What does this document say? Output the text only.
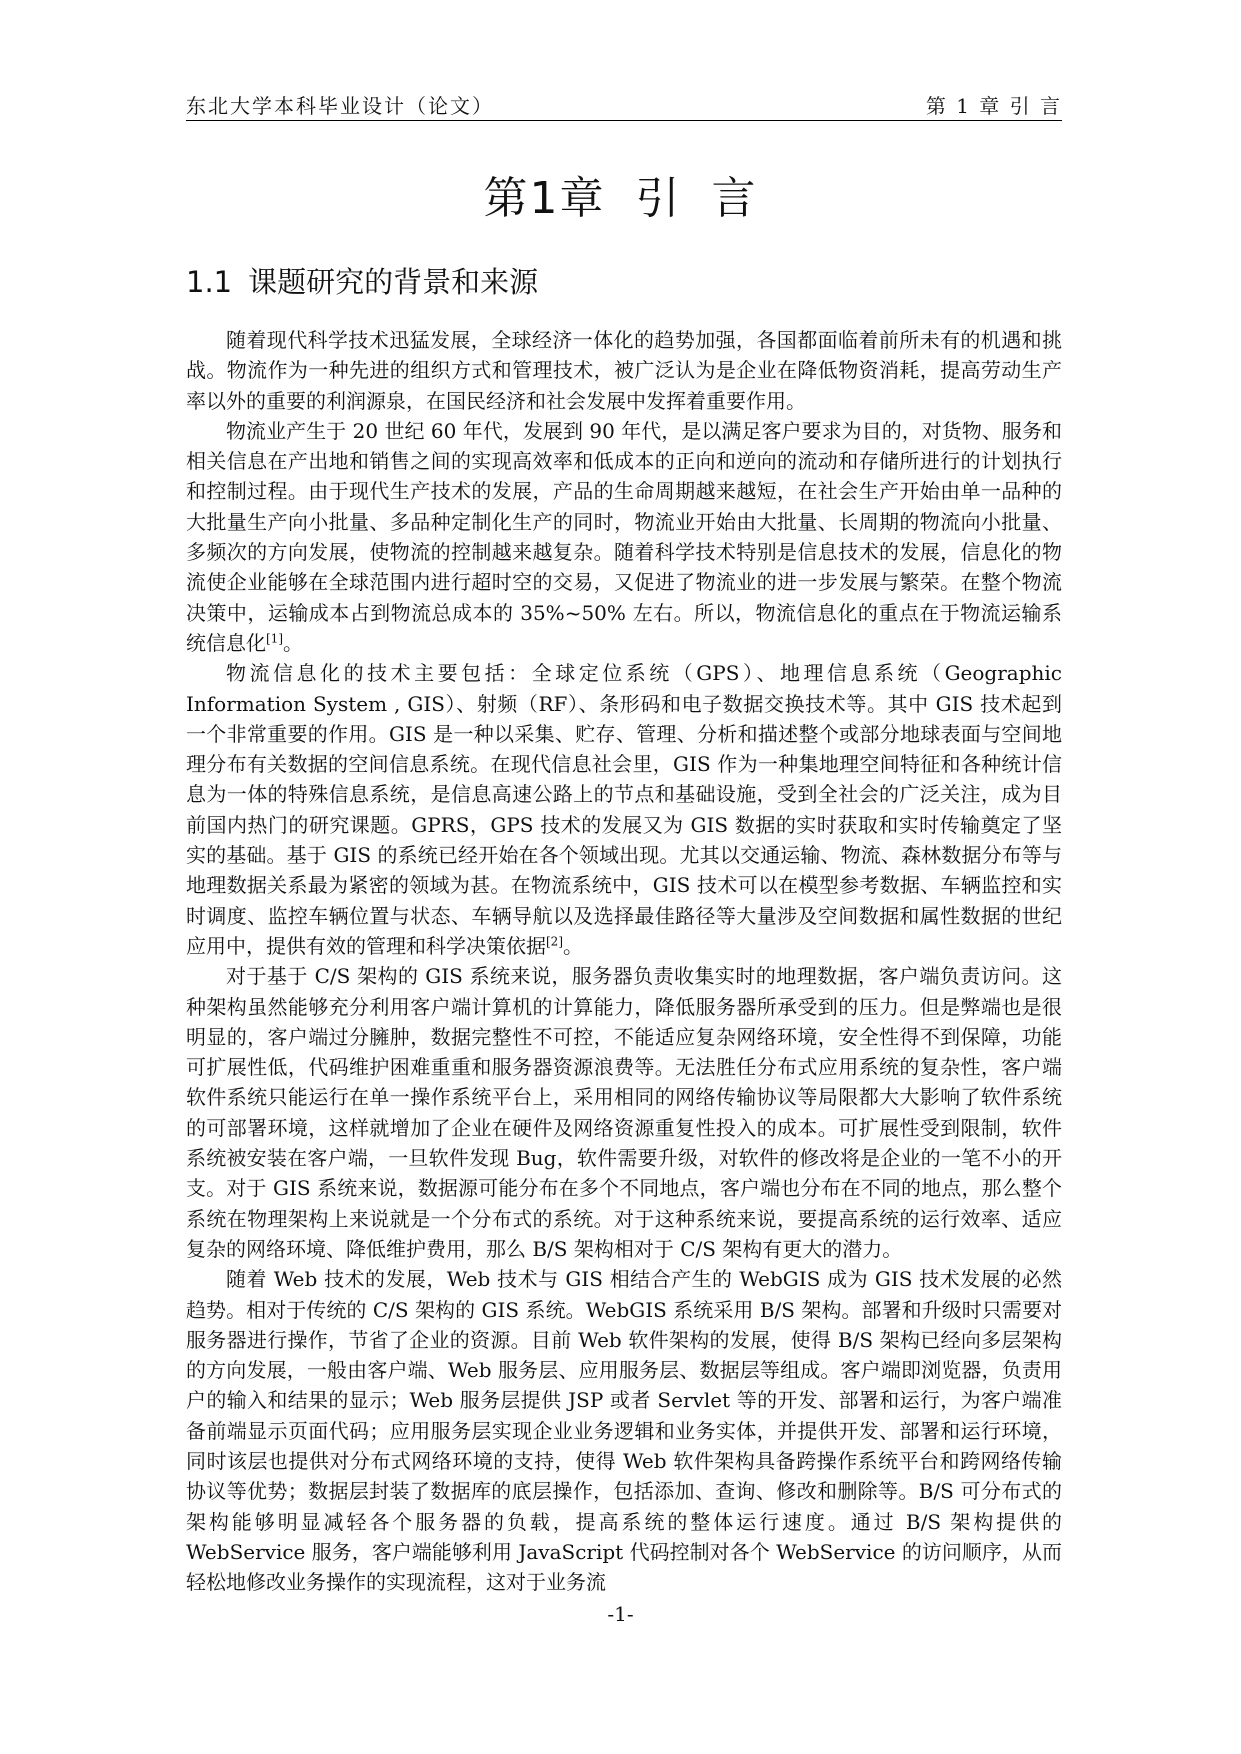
东北大学本科毕业设计（论文）	第 1 章 引 言
第1章 引 言
1.1 课题研究的背景和来源

随着现代科学技术迅猛发展，全球经济一体化的趋势加强，各国都面临着前所未有的机遇和挑战。物流作为一种先进的组织方式和管理技术，被广泛认为是企业在降低物资消耗，提高劳动生产率以外的重要的利润源泉，在国民经济和社会发展中发挥着重要作用。

物流业产生于 20 世纪 60 年代，发展到 90 年代，是以满足客户要求为目的，对货物、服务和相关信息在产出地和销售之间的实现高效率和低成本的正向和逆向的流动和存储所进行的计划执行和控制过程。由于现代生产技术的发展，产品的生命周期越来越短，在社会生产开始由单一品种的大批量生产向小批量、多品种定制化生产的同时，物流业开始由大批量、长周期的物流向小批量、多频次的方向发展，使物流的控制越来越复杂。随着科学技术特别是信息技术的发展，信息化的物流使企业能够在全球范围内进行超时空的交易，又促进了物流业的进一步发展与繁荣。在整个物流决策中，运输成本占到物流总成本的 35%~50% 左右。所以，物流信息化的重点在于物流运输系统信息化[1]。

物流信息化的技术主要包括：全球定位系统（GPS）、地理信息系统（Geographic Information System , GIS）、射频（RF）、条形码和电子数据交换技术等。其中 GIS 技术起到一个非常重要的作用。GIS 是一种以采集、贮存、管理、分析和描述整个或部分地球表面与空间地理分布有关数据的空间信息系统。在现代信息社会里，GIS 作为一种集地理空间特征和各种统计信息为一体的特殊信息系统，是信息高速公路上的节点和基础设施，受到全社会的广泛关注，成为目前国内热门的研究课题。GPRS，GPS 技术的发展又为 GIS 数据的实时获取和实时传输奠定了坚实的基础。基于 GIS 的系统已经开始在各个领域出现。尤其以交通运输、物流、森林数据分布等与地理数据关系最为紧密的领域为甚。在物流系统中，GIS 技术可以在模型参考数据、车辆监控和实时调度、监控车辆位置与状态、车辆导航以及选择最佳路径等大量涉及空间数据和属性数据的世纪应用中，提供有效的管理和科学决策依据[2]。

对于基于 C/S 架构的 GIS 系统来说，服务器负责收集实时的地理数据，客户端负责访问。这种架构虽然能够充分利用客户端计算机的计算能力，降低服务器所承受到的压力。但是弊端也是很明显的，客户端过分臃肿，数据完整性不可控，不能适应复杂网络环境，安全性得不到保障，功能可扩展性低，代码维护困难重重和服务器资源浪费等。无法胜任分布式应用系统的复杂性，客户端软件系统只能运行在单一操作系统平台上，采用相同的网络传输协议等局限都大大影响了软件系统的可部署环境，这样就增加了企业在硬件及网络资源重复性投入的成本。可扩展性受到限制，软件系统被安装在客户端，一旦软件发现 Bug，软件需要升级，对软件的修改将是企业的一笔不小的开支。对于 GIS 系统来说，数据源可能分布在多个不同地点，客户端也分布在不同的地点，那么整个系统在物理架构上来说就是一个分布式的系统。对于这种系统来说，要提高系统的运行效率、适应复杂的网络环境、降低维护费用，那么 B/S 架构相对于 C/S 架构有更大的潜力。

随着 Web 技术的发展，Web 技术与 GIS 相结合产生的 WebGIS 成为 GIS 技术发展的必然趋势。相对于传统的 C/S 架构的 GIS 系统。WebGIS 系统采用 B/S 架构。部署和升级时只需要对服务器进行操作，节省了企业的资源。目前 Web 软件架构的发展，使得 B/S 架构已经向多层架构的方向发展，一般由客户端、Web 服务层、应用服务层、数据层等组成。客户端即浏览器，负责用户的输入和结果的显示；Web 服务层提供 JSP 或者 Servlet 等的开发、部署和运行，为客户端准备前端显示页面代码；应用服务层实现企业业务逻辑和业务实体，并提供开发、部署和运行环境，同时该层也提供对分布式网络环境的支持，使得 Web 软件架构具备跨操作系统平台和跨网络传输协议等优势；数据层封装了数据库的底层操作，包括添加、查询、修改和删除等。B/S 可分布式的架构能够明显减轻各个服务器的负载，提高系统的整体运行速度。通过 B/S 架构提供的 WebService 服务，客户端能够利用 JavaScript 代码控制对各个 WebService 的访问顺序，从而轻松地修改业务操作的实现流程，这对于业务流

-1-
